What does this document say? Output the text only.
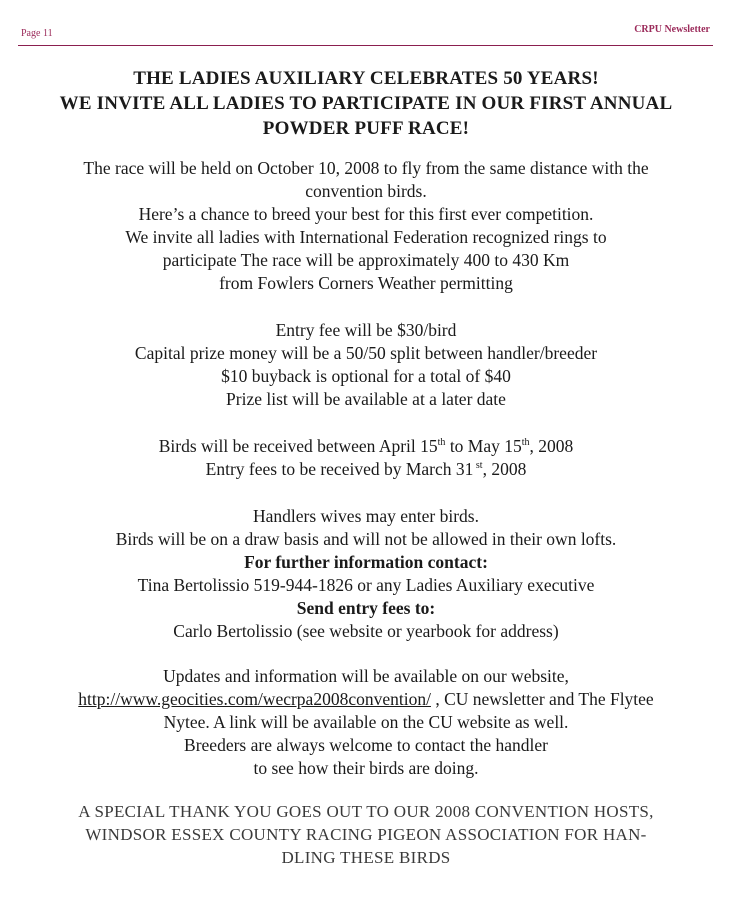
Page 11	CRPU Newsletter
THE LADIES AUXILIARY CELEBRATES 50 YEARS!
WE INVITE ALL LADIES TO PARTICIPATE IN OUR FIRST ANNUAL
POWDER PUFF RACE!

The race will be held on October 10, 2008 to fly from the same distance with the

convention birds.

Here’s a chance to breed your best for this first ever competition.

We invite all ladies with International Federation recognized rings to

participate The race will be approximately 400 to 430 Km

from Fowlers Corners Weather permitting

Entry fee will be $30/bird

Capital prize money will be a 50/50 split between handler/breeder

$10 buyback is optional for a total of $40

Prize list will be available at a later date

Birds will be received between April 15th to May 15th, 2008

Entry fees to be received by March 31 $^{st}$, 2008

Handlers wives may enter birds.

Birds will be on a draw basis and will not be allowed in their own lofts.

For further information contact:

Tina Bertolissio 519-944-1826 or any Ladies Auxiliary executive

Send entry fees to:

Carlo Bertolissio (see website or yearbook for address)

Updates and information will be available on our website,

http://www.geocities.com/wecrpa2008convention/ , CU newsletter and The Flytee

Nytee. A link will be available on the CU website as well.

Breeders are always welcome to contact the handler

to see how their birds are doing.

A SPECIAL THANK YOU GOES OUT TO OUR 2008 CONVENTION HOSTS,
WINDSOR ESSEX COUNTY RACING PIGEON ASSOCIATION FOR HAN-
DLING THESE BIRDS
